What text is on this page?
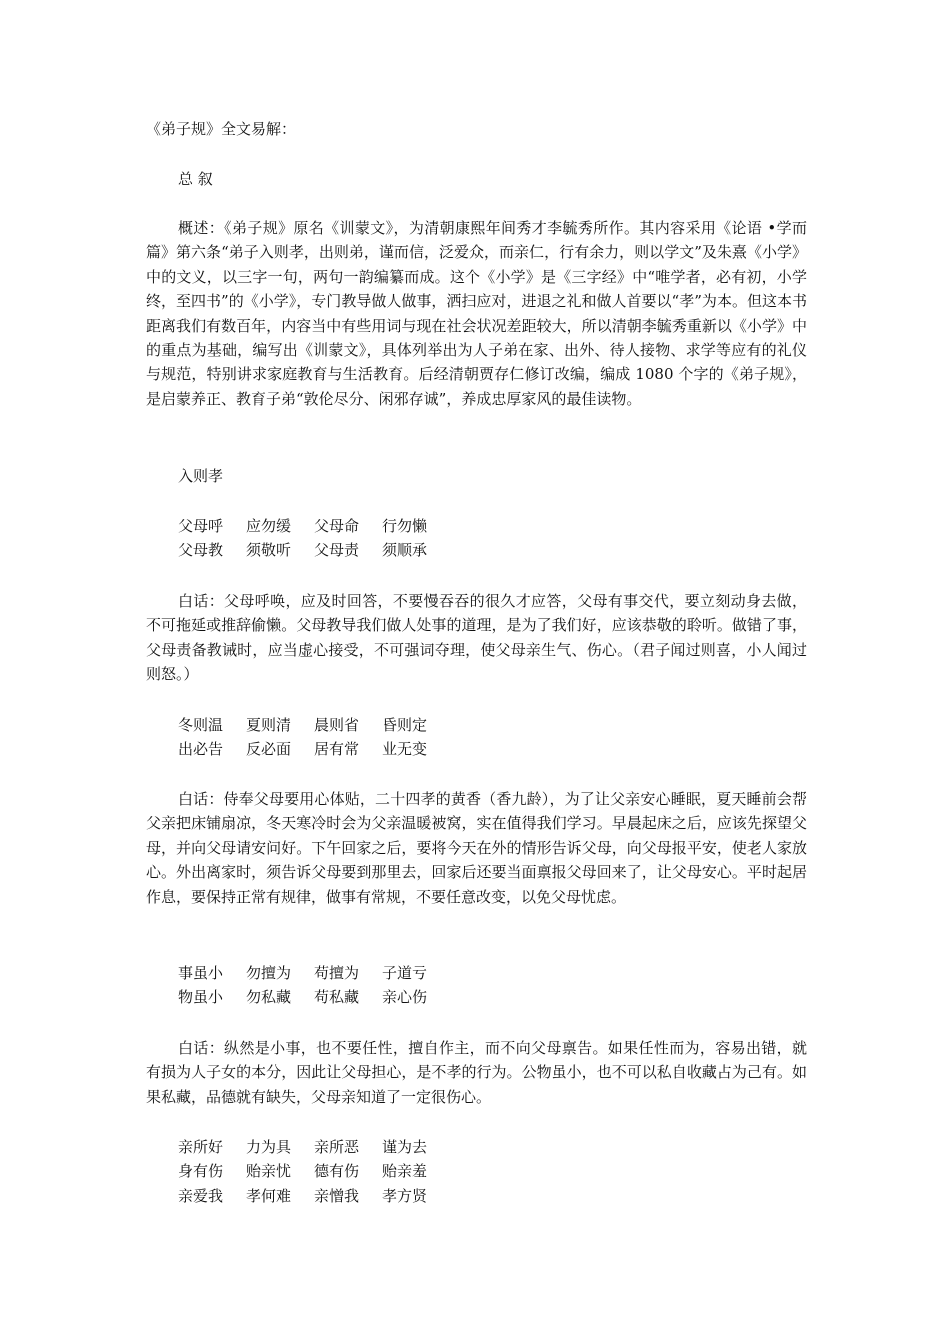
《弟子规》全文易解：
总 叙

概述：《弟子规》原名《训蒙文》，为清朝康熙年间秀才李毓秀所作。其内容采用《论语 •学而篇》第六条“弟子入则孝，出则弟，谨而信，泛爱众，而亲仁，行有余力，则以学文”及朱熹《小学》中的文义，以三字一句，两句一韵编纂而成。这个《小学》是《三字经》中“唯学者，必有初，小学终，至四书”的《小学》，专门教导做人做事，洒扫应对，进退之礼和做人首要以“孝”为本。但这本书距离我们有数百年，内容当中有些用词与现在社会状况差距较大，所以清朝李毓秀重新以《小学》中的重点为基础，编写出《训蒙文》，具体列举出为人子弟在家、出外、待人接物、求学等应有的礼仪与规范，特别讲求家庭教育与生活教育。后经清朝贾存仁修订改编，编成 1080 个字的《弟子规》，是启蒙养正、教育子弟“敦伦尽分、闲邪存诚”，养成忠厚家风的最佳读物。

入则孝
父母呼 应勿缓 父母命 行勿懒
父母教 须敬听 父母责 须顺承

白话：父母呼唤，应及时回答，不要慢吞吞的很久才应答，父母有事交代，要立刻动身去做，不可拖延或推辞偷懒。父母教导我们做人处事的道理，是为了我们好，应该恭敬的聆听。做错了事，父母责备教诫时，应当虚心接受，不可强词夺理，使父母亲生气、伤心。（君子闻过则喜，小人闻过则怒。）

冬则温 夏则清 晨则省 昏则定
出必告 反必面 居有常 业无变

白话：侍奉父母要用心体贴，二十四孝的黄香（香九龄），为了让父亲安心睡眠，夏天睡前会帮父亲把床铺扇凉，冬天寒冷时会为父亲温暖被窝，实在值得我们学习。早晨起床之后，应该先探望父母，并向父母请安问好。下午回家之后，要将今天在外的情形告诉父母，向父母报平安，使老人家放心。外出离家时，须告诉父母要到那里去，回家后还要当面禀报父母回来了，让父母安心。平时起居作息，要保持正常有规律，做事有常规，不要任意改变，以免父母忧虑。

事虽小 勿擅为 苟擅为 子道亏
物虽小 勿私藏 苟私藏 亲心伤

白话：纵然是小事，也不要任性，擅自作主，而不向父母禀告。如果任性而为，容易出错，就有损为人子女的本分，因此让父母担心，是不孝的行为。公物虽小，也不可以私自收藏占为己有。如果私藏，品德就有缺失，父母亲知道了一定很伤心。

亲所好 力为具 亲所恶 谨为去
身有伤 贻亲忧 德有伤 贻亲羞
亲爱我 孝何难 亲憎我 孝方贤
